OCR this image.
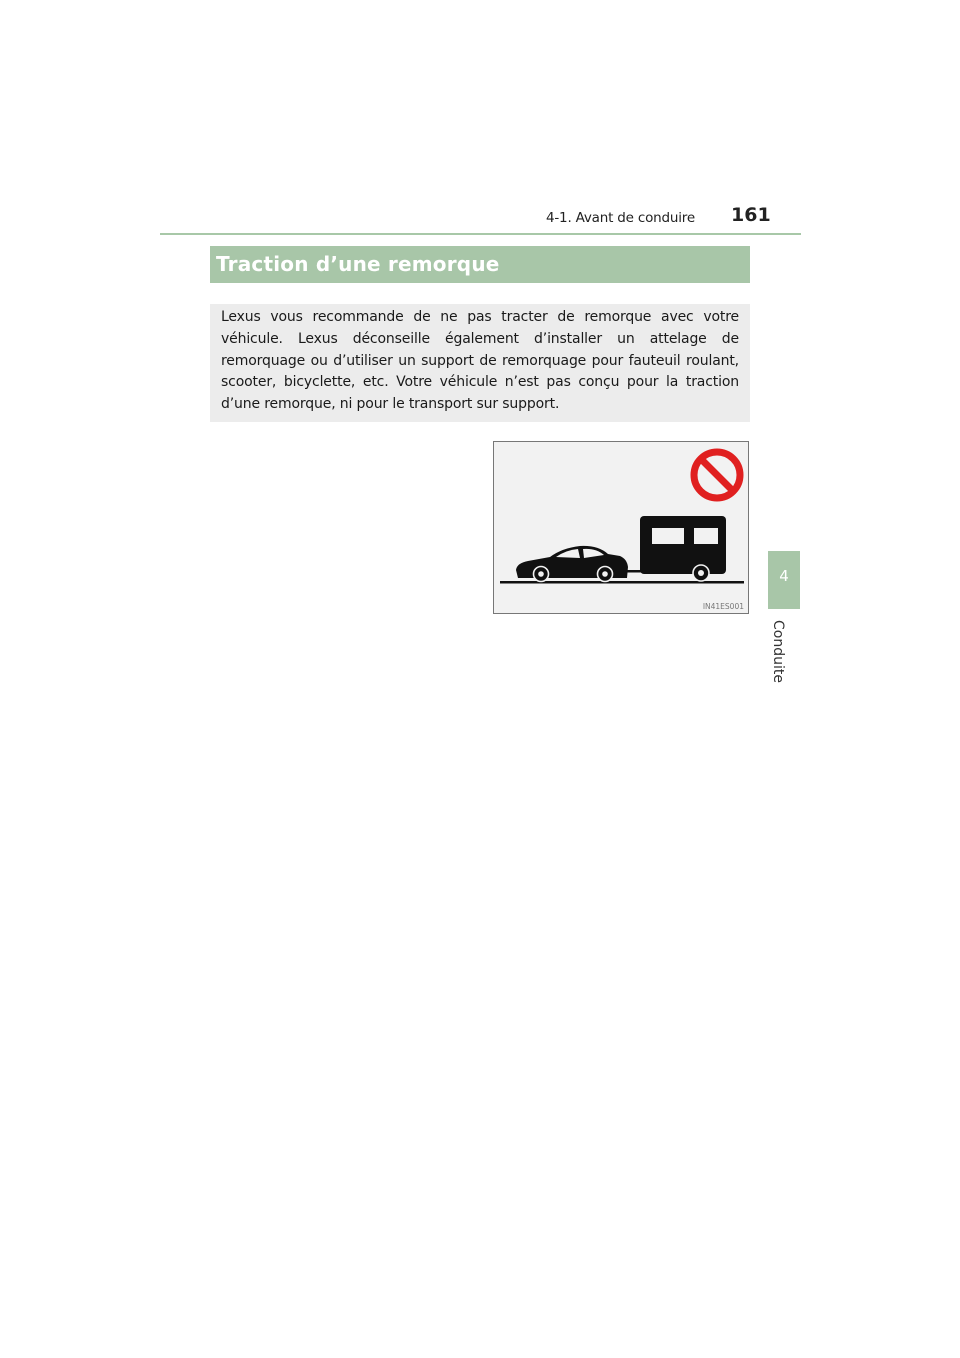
4-1. Avant de conduire 161
Traction d’une remorque
Lexus vous recommande de ne pas tracter de remorque avec votre véhicule. Lexus déconseille également d’installer un attelage de remorquage ou d’utiliser un support de remorquage pour fauteuil roulant, scooter, bicyclette, etc. Votre véhicule n’est pas conçu pour la traction d’une remorque, ni pour le transport sur support.
IN41ES001
4
Conduite
